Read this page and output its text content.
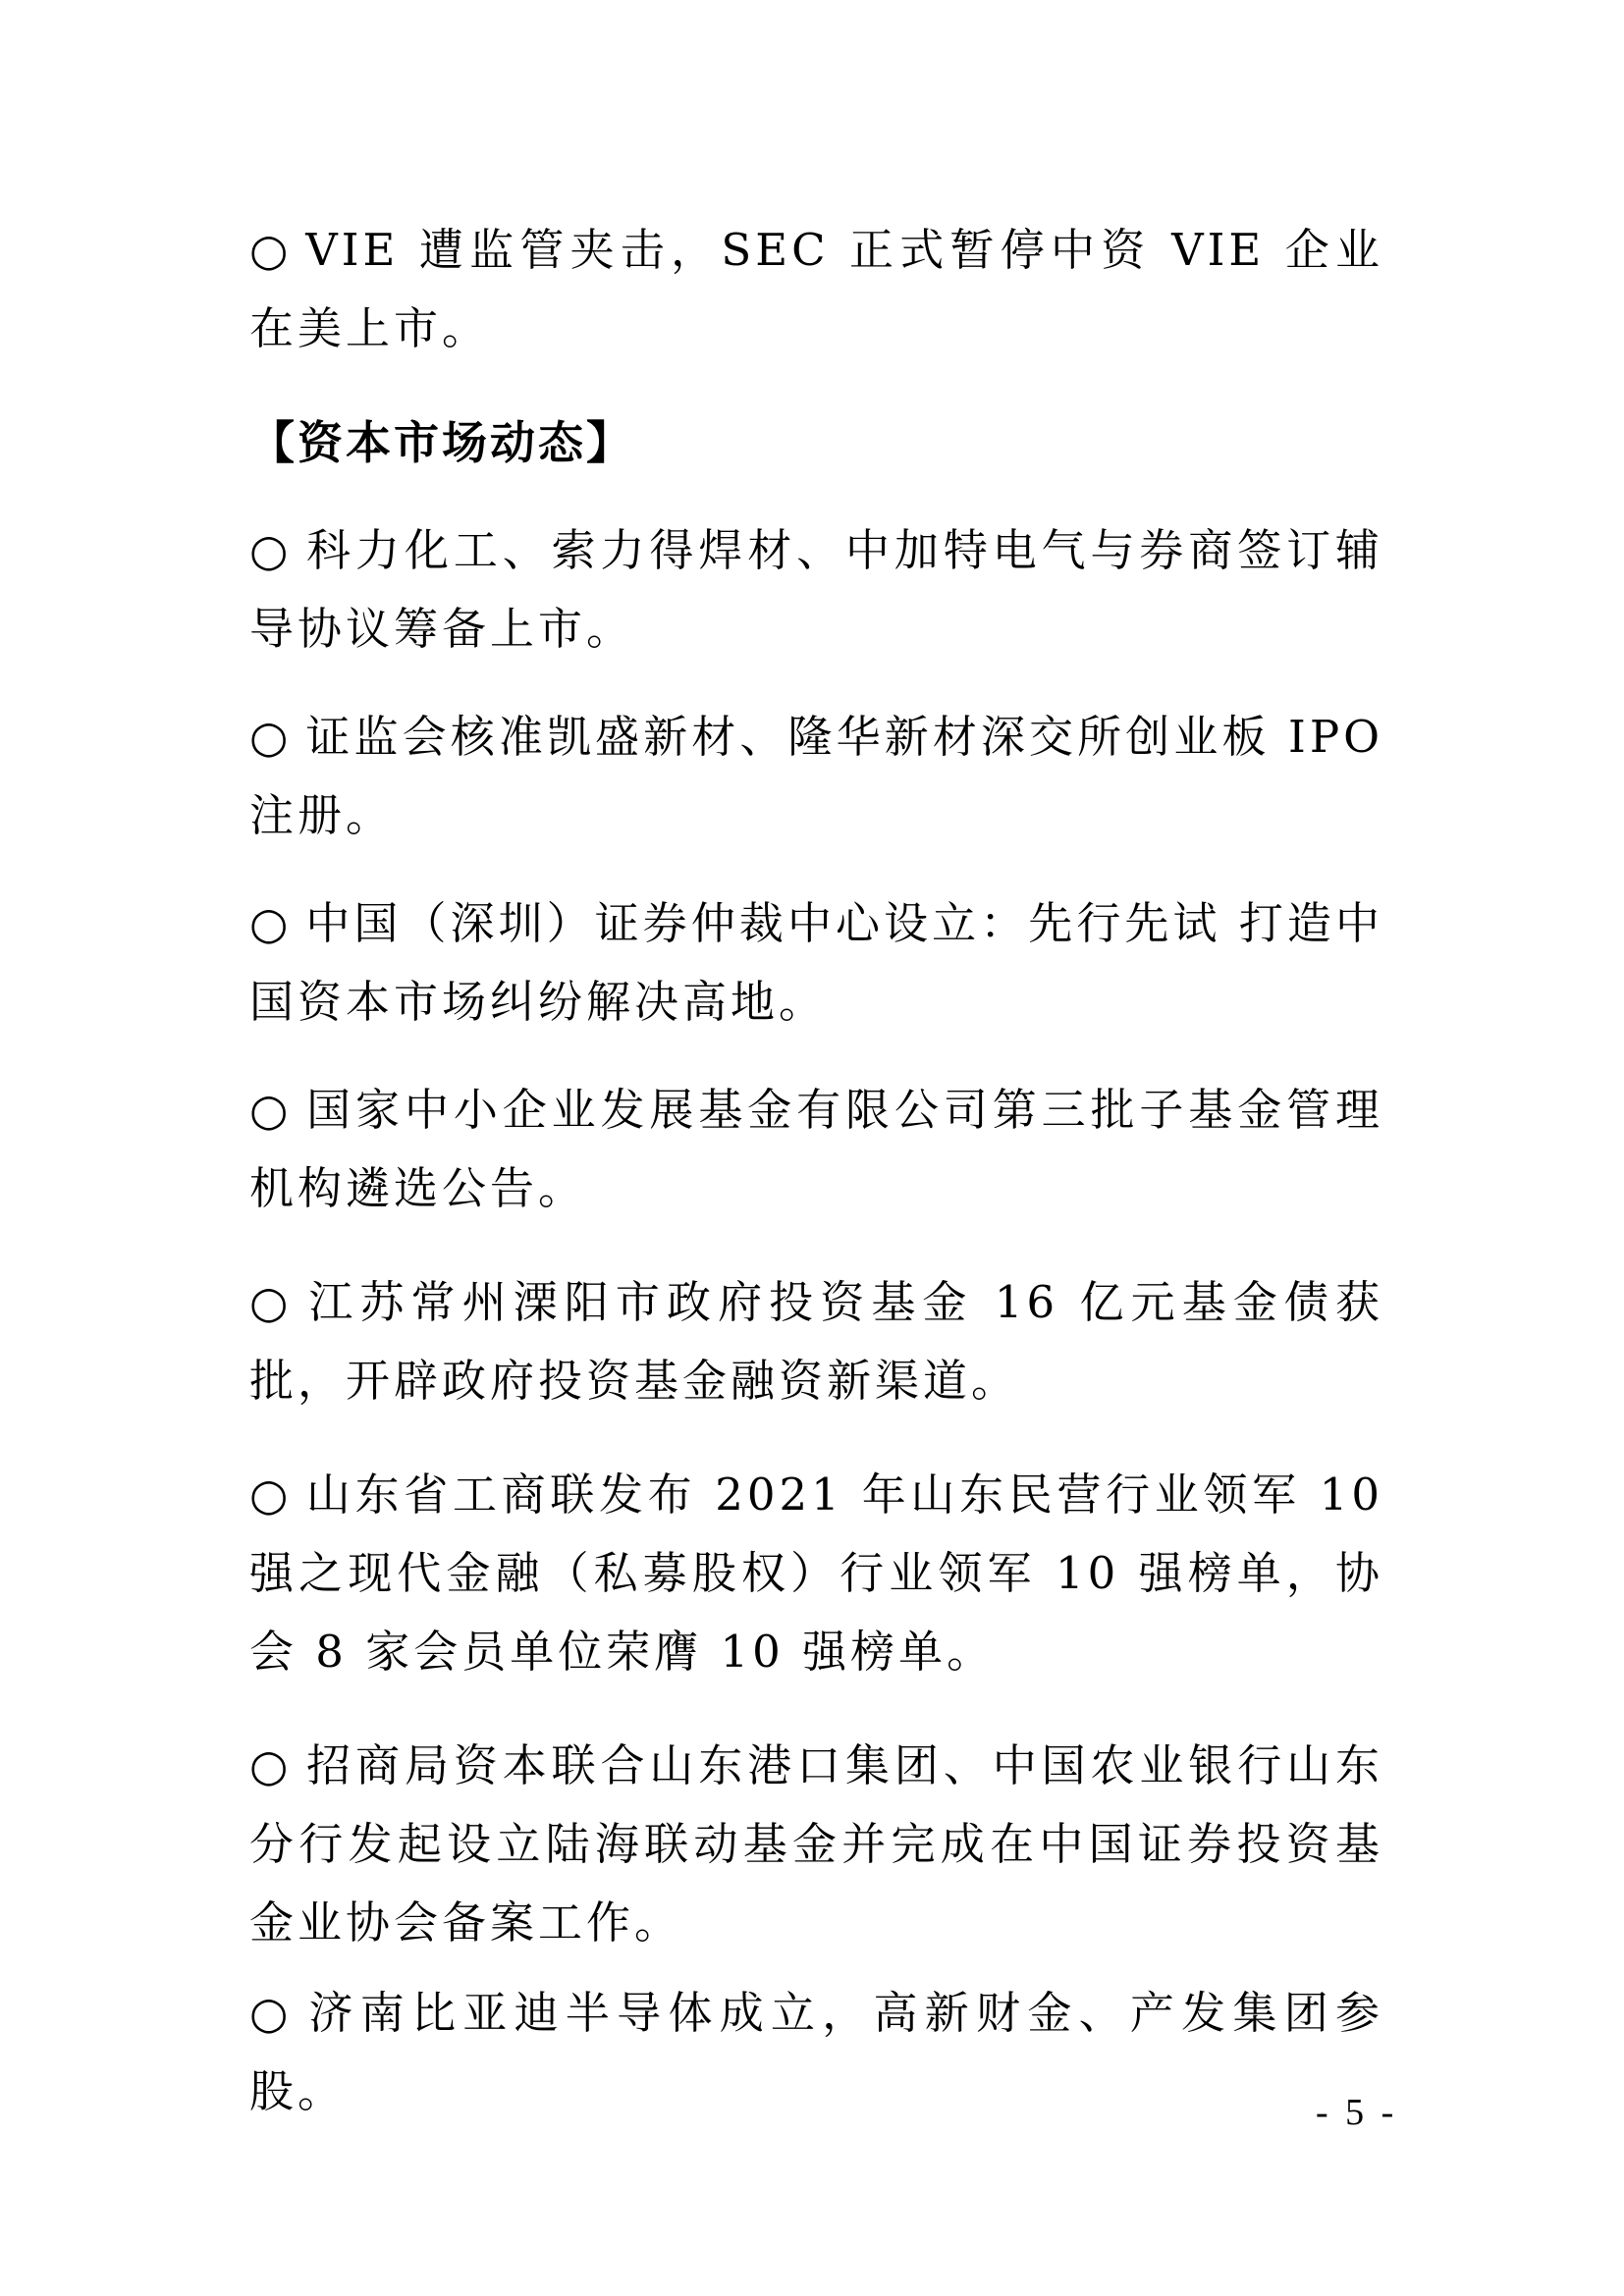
○ VIE 遭监管夹击，SEC 正式暂停中资 VIE 企业在美上市。

【资本市场动态】

○ 科力化工、索力得焊材、中加特电气与券商签订辅导协议筹备上市。

○ 证监会核准凯盛新材、隆华新材深交所创业板 IPO 注册。

○ 中国（深圳）证券仲裁中心设立：先行先试 打造中国资本市场纠纷解决高地。

○ 国家中小企业发展基金有限公司第三批子基金管理机构遴选公告。

○ 江苏常州溧阳市政府投资基金 16 亿元基金债获批，开辟政府投资基金融资新渠道。

○ 山东省工商联发布 2021 年山东民营行业领军 10 强之现代金融（私募股权）行业领军 10 强榜单，协会 8 家会员单位荣膺 10 强榜单。

○ 招商局资本联合山东港口集团、中国农业银行山东分行发起设立陆海联动基金并完成在中国证券投资基金业协会备案工作。

○ 济南比亚迪半导体成立，高新财金、产发集团参股。	- 5 -
